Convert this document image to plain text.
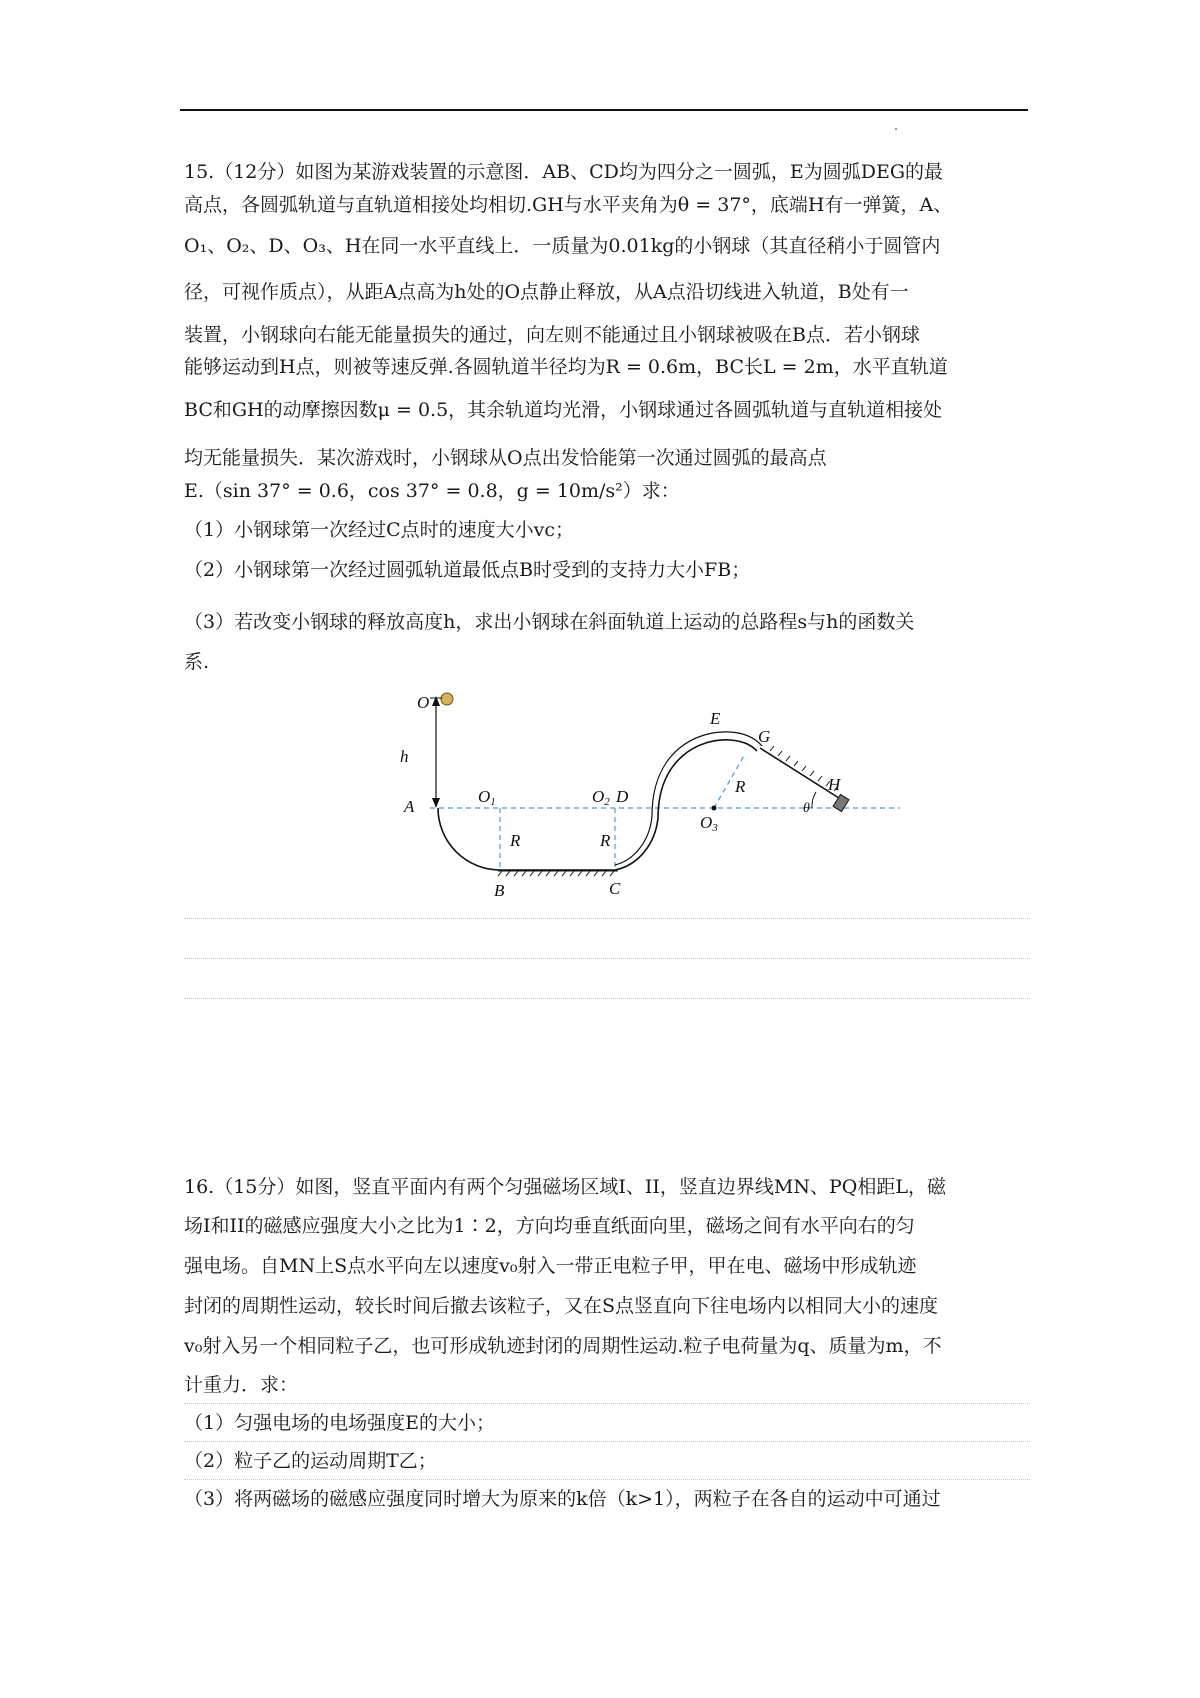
15.（12分）如图为某游戏装置的示意图．AB、CD均为四分之一圆弧，E为圆弧DEG的最
高点，各圆弧轨道与直轨道相接处均相切.GH与水平夹角为θ = 37°，底端H有一弹簧，A、
O₁、O₂、D、O₃、H在同一水平直线上．一质量为0.01kg的小钢球（其直径稍小于圆管内
径，可视作质点），从距A点高为h处的O点静止释放，从A点沿切线进入轨道，B处有一
装置，小钢球向右能无能量损失的通过，向左则不能通过且小钢球被吸在B点．若小钢球
能够运动到H点，则被等速反弹.各圆轨道半径均为R = 0.6m，BC长L = 2m，水平直轨道
BC和GH的动摩擦因数μ = 0.5，其余轨道均光滑，小钢球通过各圆弧轨道与直轨道相接处
均无能量损失．某次游戏时，小钢球从O点出发恰能第一次通过圆弧的最高点
E.（sin 37° = 0.6，cos 37° = 0.8，g = 10m/s²）求：
（1）小钢球第一次经过C点时的速度大小vc；
（2）小钢球第一次经过圆弧轨道最低点B时受到的支持力大小FB；
（3）若改变小钢球的释放高度h，求出小钢球在斜面轨道上运动的总路程s与h的函数关
系.
O
h
A
O1	O2 D
E
G
R	H
θ
O3
R	R
B	C
16.（15分）如图，竖直平面内有两个匀强磁场区域I、II，竖直边界线MN、PQ相距L，磁
场I和II的磁感应强度大小之比为1∶2，方向均垂直纸面向里，磁场之间有水平向右的匀
强电场。自MN上S点水平向左以速度v₀射入一带正电粒子甲，甲在电、磁场中形成轨迹
封闭的周期性运动，较长时间后撤去该粒子，又在S点竖直向下往电场内以相同大小的速度
v₀射入另一个相同粒子乙，也可形成轨迹封闭的周期性运动.粒子电荷量为q、质量为m，不
计重力．求：
（1）匀强电场的电场强度E的大小；
（2）粒子乙的运动周期T乙；
（3）将两磁场的磁感应强度同时增大为原来的k倍（k>1），两粒子在各自的运动中可通过
